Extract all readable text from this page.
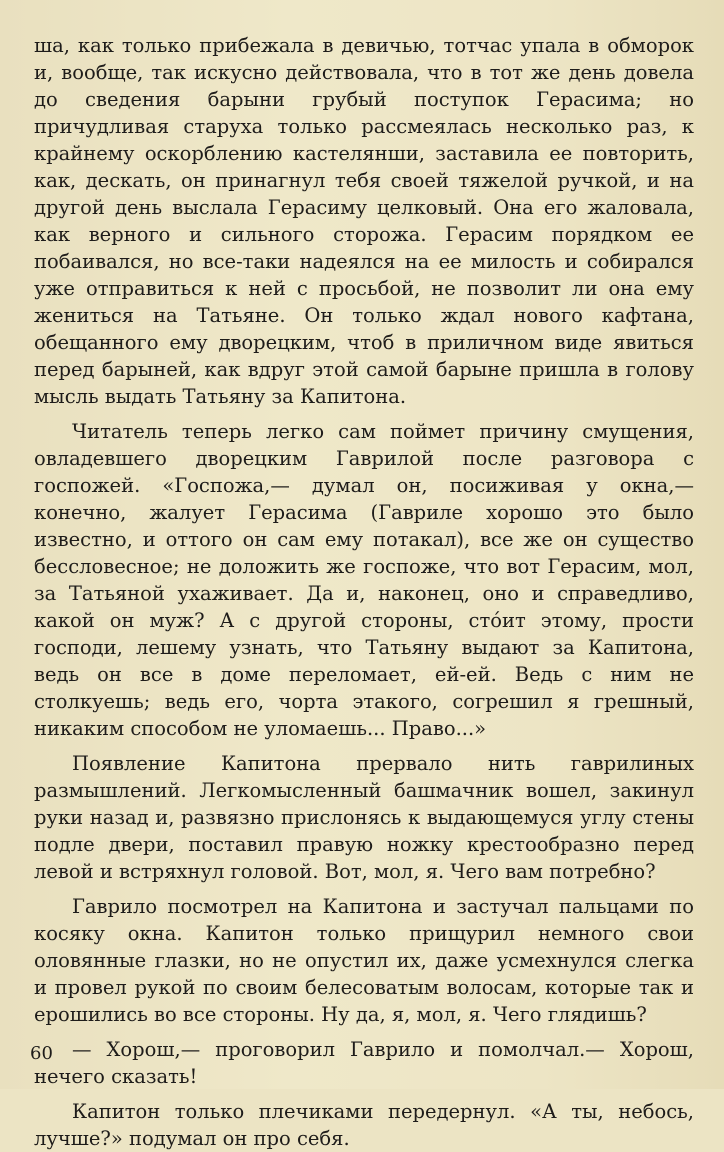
ша, как только прибежала в девичью, тотчас упала в обморок и, вообще, так искусно действовала, что в тот же день довела до сведения барыни грубый поступок Герасима; но причудливая старуха только рассмеялась несколько раз, к крайнему оскорблению кастелянши, заставила ее повторить, как, дескать, он принагнул тебя своей тяжелой ручкой, и на другой день выслала Герасиму целковый. Она его жаловала, как верного и сильного сторожа. Герасим порядком ее побаивался, но все-таки надеялся на ее милость и собирался уже отправиться к ней с просьбой, не позволит ли она ему жениться на Татьяне. Он только ждал нового кафтана, обещанного ему дворецким, чтоб в приличном виде явиться перед барыней, как вдруг этой самой барыне пришла в голову мысль выдать Татьяну за Капитона.

Читатель теперь легко сам поймет причину смущения, овладевшего дворецким Гаврилой после разговора с госпожей. «Госпожа,— думал он, посиживая у окна,— конечно, жалует Герасима (Гавриле хорошо это было известно, и оттого он сам ему потакал), все же он существо бессловесное; не доложить же госпоже, что вот Герасим, мол, за Татьяной ухаживает. Да и, наконец, оно и справедливо, какой он муж? А с другой стороны, стóит этому, прости господи, лешему узнать, что Татьяну выдают за Капитона, ведь он все в доме переломает, ей-ей. Ведь с ним не столкуешь; ведь его, чорта этакого, согрешил я грешный, никаким способом не уломаешь... Право...»

Появление Капитона прервало нить гаврилиных размышлений. Легкомысленный башмачник вошел, закинул руки назад и, развязно прислонясь к выдающемуся углу стены подле двери, поставил правую ножку крестообразно перед левой и встряхнул головой. Вот, мол, я. Чего вам потребно?

Гаврило посмотрел на Капитона и застучал пальцами по косяку окна. Капитон только прищурил немного свои оловянные глазки, но не опустил их, даже усмехнулся слегка и провел рукой по своим белесоватым волосам, которые так и ерошились во все стороны. Ну да, я, мол, я. Чего глядишь?

— Хорош,— проговорил Гаврило и помолчал.— Хорош, нечего сказать!

Капитон только плечиками передернул. «А ты, небось, лучше?» подумал он про себя.

60
